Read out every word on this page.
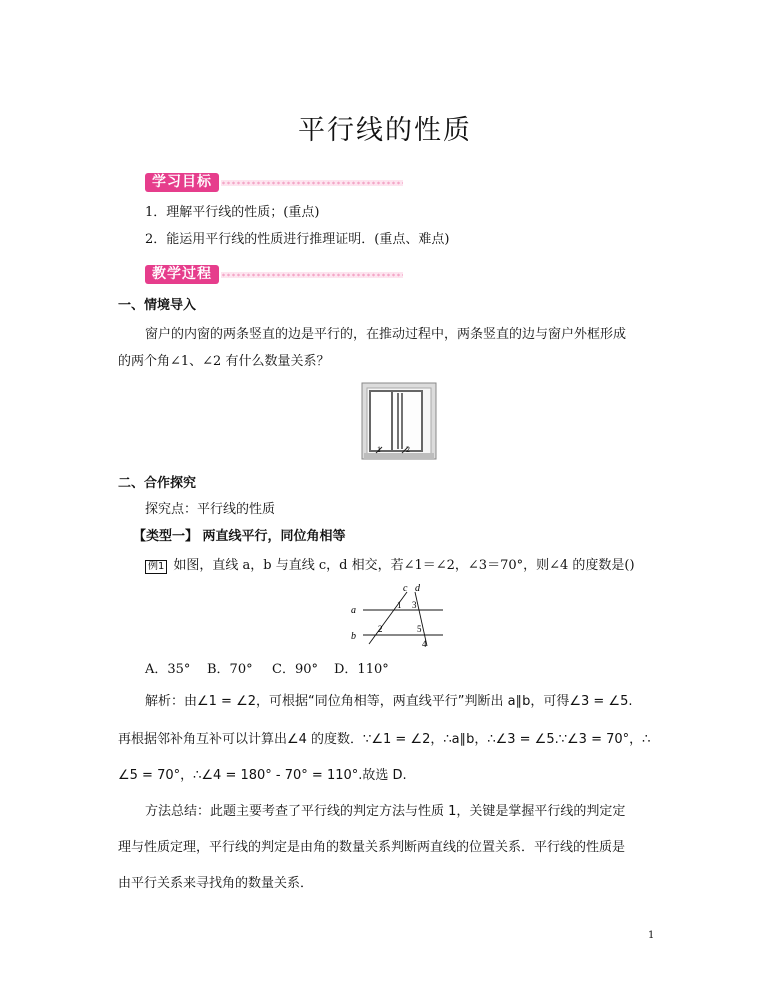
平行线的性质
学习目标
1．理解平行线的性质；(重点)
2．能运用平行线的性质进行推理证明．(重点、难点)
教学过程
一、情境导入
窗户的内窗的两条竖直的边是平行的，在推动过程中，两条竖直的边与窗户外框形成
的两个角∠1、∠2 有什么数量关系？
1	2
二、合作探究
探究点：平行线的性质
【类型一】 两直线平行，同位角相等
例1 如图，直线 a，b 与直线 c，d 相交，若∠1＝∠2，∠3＝70°，则∠4 的度数是()
a
b
c d
1 3
2	5
4
A．35° B．70° C．90° D．110°
解析：由∠1 = ∠2，可根据“同位角相等，两直线平行”判断出 a∥b，可得∠3 = ∠5.
再根据邻补角互补可以计算出∠4 的度数．∵∠1 = ∠2，∴a∥b，∴∠3 = ∠5.∵∠3 = 70°，∴
∠5 = 70°，∴∠4 = 180° - 70° = 110°.故选 D.
方法总结：此题主要考查了平行线的判定方法与性质 1，关键是掌握平行线的判定定
理与性质定理，平行线的判定是由角的数量关系判断两直线的位置关系．平行线的性质是
由平行关系来寻找角的数量关系．
1
